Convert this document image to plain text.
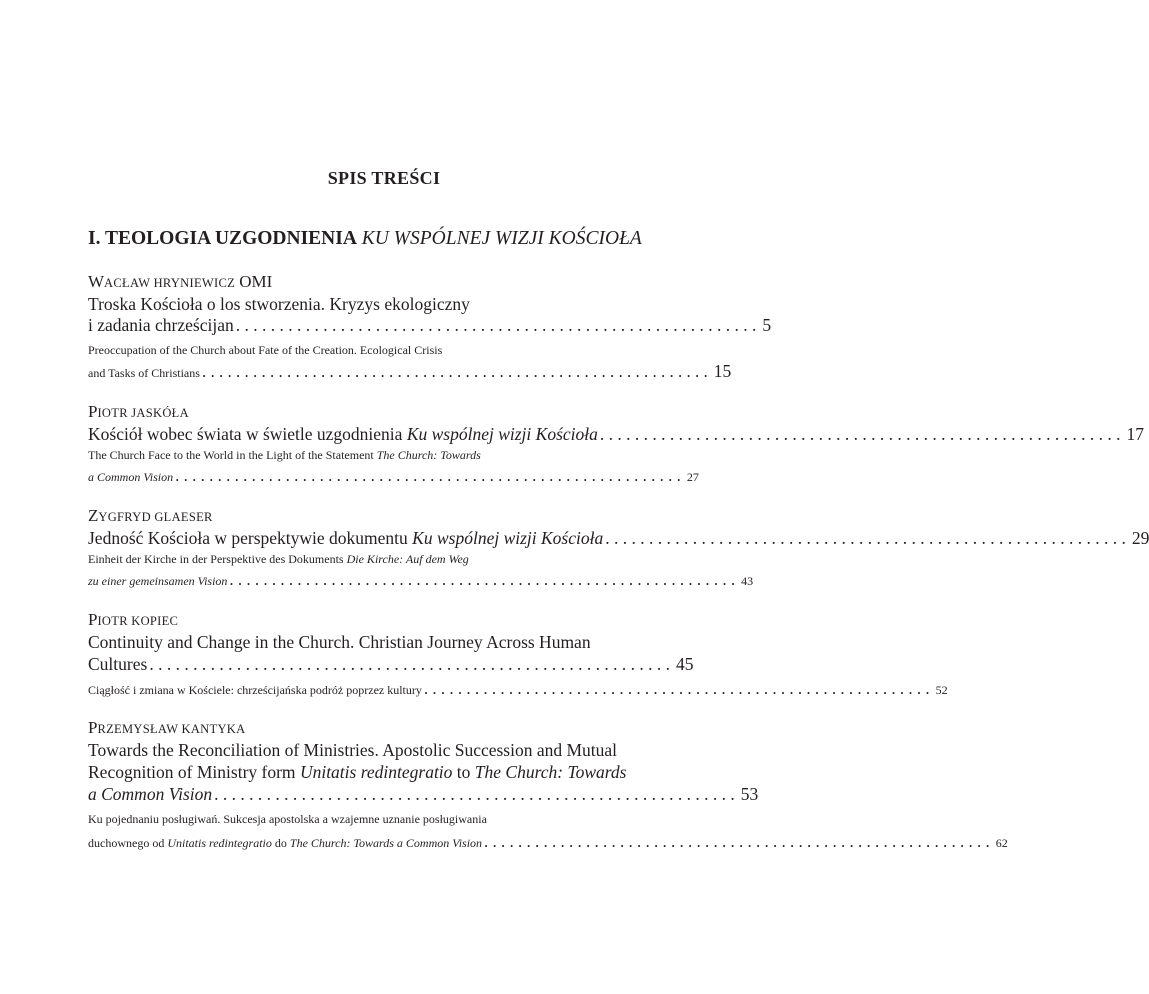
SPIS TREŚCI
I. TEOLOGIA UZGODNIENIA KU WSPÓLNEJ WIZJI KOŚCIOŁA
WACŁAW HRYNIEWICZ OMI
Troska Kościoła o los stworzenia. Kryzys ekologiczny
i zadania chrześcijan . . . . . . . . . . . . . . . . . . . . . . . . . . . . . . . . . . . . . . . . . . . . . . . . . . . . . . . . . . . . 5
Preoccupation of the Church about Fate of the Creation. Ecological Crisis
and Tasks of Christians . . . . . . . . . . . . . . . . . . . . . . . . . . . . . . . . . . . . . . . . . . . . . . . . . . . . . . . . . . . . 15
PIOTR JASKÓŁA
Kościół wobec świata w świetle uzgodnienia Ku wspólnej wizji Kościoła . . . . . . . . . . . . . . . . . . . . . . . . . . . . . . . . . . . . . . . . . . . . . . . . . . . . . . . . . . . . 17
The Church Face to the World in the Light of the Statement The Church: Towards
a Common Vision . . . . . . . . . . . . . . . . . . . . . . . . . . . . . . . . . . . . . . . . . . . . . . . . . . . . . . . . . . . . 27
ZYGFRYD GLAESER
Jedność Kościoła w perspektywie dokumentu Ku wspólnej wizji Kościoła . . . . . . . . . . . . . . . . . . . . . . . . . . . . . . . . . . . . . . . . . . . . . . . . . . . . . . . . . . . . 29
Einheit der Kirche in der Perspektive des Dokuments Die Kirche: Auf dem Weg
zu einer gemeinsamen Vision . . . . . . . . . . . . . . . . . . . . . . . . . . . . . . . . . . . . . . . . . . . . . . . . . . . . . . . . . . . . 43
PIOTR KOPIEC
Continuity and Change in the Church. Christian Journey Across Human
Cultures . . . . . . . . . . . . . . . . . . . . . . . . . . . . . . . . . . . . . . . . . . . . . . . . . . . . . . . . . . . . 45
Ciągłość i zmiana w Kościele: chrześcijańska podróż poprzez kultury . . . . . . . . . . . . . . . . . . . . . . . . . . . . . . . . . . . . . . . . . . . . . . . . . . . . . . . . . . . . 52
PRZEMYSŁAW KANTYKA
Towards the Reconciliation of Ministries. Apostolic Succession and Mutual
Recognition of Ministry form Unitatis redintegratio to The Church: Towards
a Common Vision . . . . . . . . . . . . . . . . . . . . . . . . . . . . . . . . . . . . . . . . . . . . . . . . . . . . . . . . . . . . 53
Ku pojednaniu posługiwań. Sukcesja apostolska a wzajemne uznanie posługiwania
duchownego od Unitatis redintegratio do The Church: Towards a Common Vision . . . . . . . . . . . . . . . . . . . . . . . . . . . . . . . . . . . . . . . . . . . . . . . . . . . . . . . . . . . . 62
